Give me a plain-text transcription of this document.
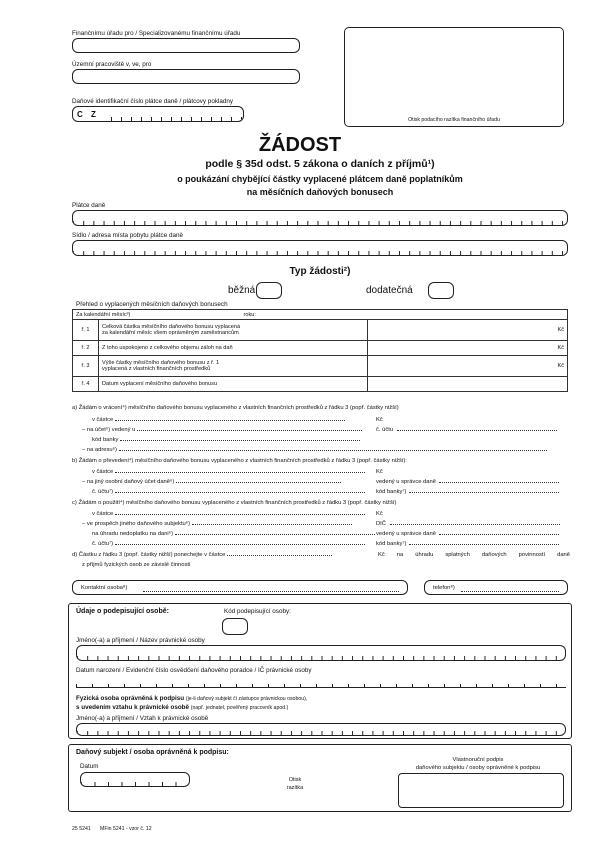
Finančnímu úřadu pro / Specializovanému finančnímu úřadu
Územní pracoviště v, ve, pro
Daňové identifikační číslo plátce daně / plátcovy pokladny
C Z
Otisk podacího razítka finančního úřadu
ŽÁDOST
podle § 35d odst. 5 zákona o daních z příjmů¹)
o poukázání chybějící částky vyplacené plátcem daně poplatníkům
na měsíčních daňových bonusech
Plátce daně
Sídlo / adresa místa pobytu plátce daně
Typ žádosti²)
běžná	dodatečná
Přehled o vyplacených měsíčních daňových bonusech
Za kalendářní měsíc³) roku:		
ř. 1	Celková částka měsíčního daňového bonusu vyplacená
za kalendářní měsíc všem oprávněným zaměstnancům	Kč
ř. 2	Z toho uspokojeno z celkového objemu záloh na daň	Kč
ř. 3	Výše částky měsíčního daňového bonusu z ř. 1
vyplacená z vlastních finančních prostředků	Kč
ř. 4	Datum vyplacení měsíčního daňového bonusu	
a) Žádám o vrácení⁴) měsíčního daňového bonusu vyplaceného z vlastních finančních prostředků z řádku 3 (popř. částky nižší)
v částce	Kč
– na účet⁵) vedený u	č. účtu
kód banky
– na adresu⁶)
b) Žádám o převedení⁴) měsíčního daňového bonusu vyplaceného z vlastních finančních prostředků z řádku 3 (popř. částky nižší):
v částce	Kč
– na jiný osobní daňový účet daně⁶)	vedený u správce daně
č. účtu⁷)	kód banky⁷)
c) Žádám o použití⁴) měsíčního daňového bonusu vyplaceného z vlastních finančních prostředků z řádku 3 (popř. částky nižší)
v částce	Kč
– ve prospěch jiného daňového subjektu⁶)	DIČ
na úhradu nedoplatku na dani⁶)	vedený u správce daně
č. účtu⁷)	kód banky⁷)
d) Částku z řádku 3 (popř. částky nižší) ponechejte v částce	Kč na úhradu splatných daňových povinností daně
z příjmů fyzických osob ze závislé činnosti
Kontaktní osoba⁸)	telefon⁸)
Údaje o podepisující osobě:	Kód podepisující osoby:
Jméno(-a) a příjmení / Název právnické osoby
Datum narození / Evidenční číslo osvědčení daňového poradce / IČ právnické osoby
Fyzická osoba oprávněná k podpisu (je-li daňový subjekt či zástupce právnickou osobou),
s uvedením vztahu k právnické osobě (např. jednatel, pověřený pracovník apod.)
Jméno(-a) a příjmení / Vztah k právnické osobě
Daňový subjekt / osoba oprávněná k podpisu:
Datum
Otisk
razítka
Vlastnoruční podpis
daňového subjektu / osoby oprávněné k podpisu
25 5241 MFin 5241 - vzor č. 12
